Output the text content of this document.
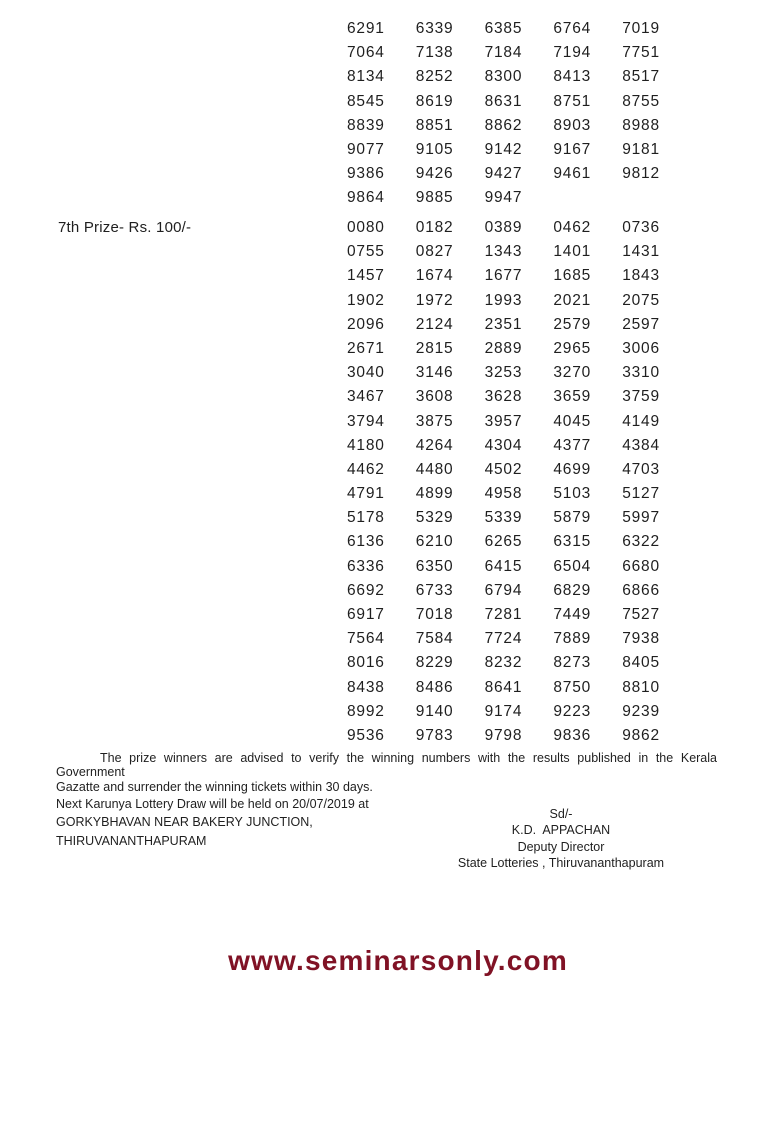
6291	6339	6385	6764	7019
7064	7138	7184	7194	7751
8134	8252	8300	8413	8517
8545	8619	8631	8751	8755
8839	8851	8862	8903	8988
9077	9105	9142	9167	9181
9386	9426	9427	9461	9812
9864	9885	9947
7th Prize- Rs. 100/-	0080	0182	0389	0462	0736
0755	0827	1343	1401	1431
1457	1674	1677	1685	1843
1902	1972	1993	2021	2075
2096	2124	2351	2579	2597
2671	2815	2889	2965	3006
3040	3146	3253	3270	3310
3467	3608	3628	3659	3759
3794	3875	3957	4045	4149
4180	4264	4304	4377	4384
4462	4480	4502	4699	4703
4791	4899	4958	5103	5127
5178	5329	5339	5879	5997
6136	6210	6265	6315	6322
6336	6350	6415	6504	6680
6692	6733	6794	6829	6866
6917	7018	7281	7449	7527
7564	7584	7724	7889	7938
8016	8229	8232	8273	8405
8438	8486	8641	8750	8810
8992	9140	9174	9223	9239
9536	9783	9798	9836	9862
The prize winners are advised to verify the winning numbers with the results published in the Kerala Government
Gazatte and surrender the winning tickets within 30 days.
Next Karunya Lottery Draw will be held on 20/07/2019 at
GORKYBHAVAN NEAR BAKERY JUNCTION,
THIRUVANANTHAPURAM
Sd/-
K.D.  APPACHAN
Deputy Director
State Lotteries , Thiruvananthapuram
www.seminarsonly.com
